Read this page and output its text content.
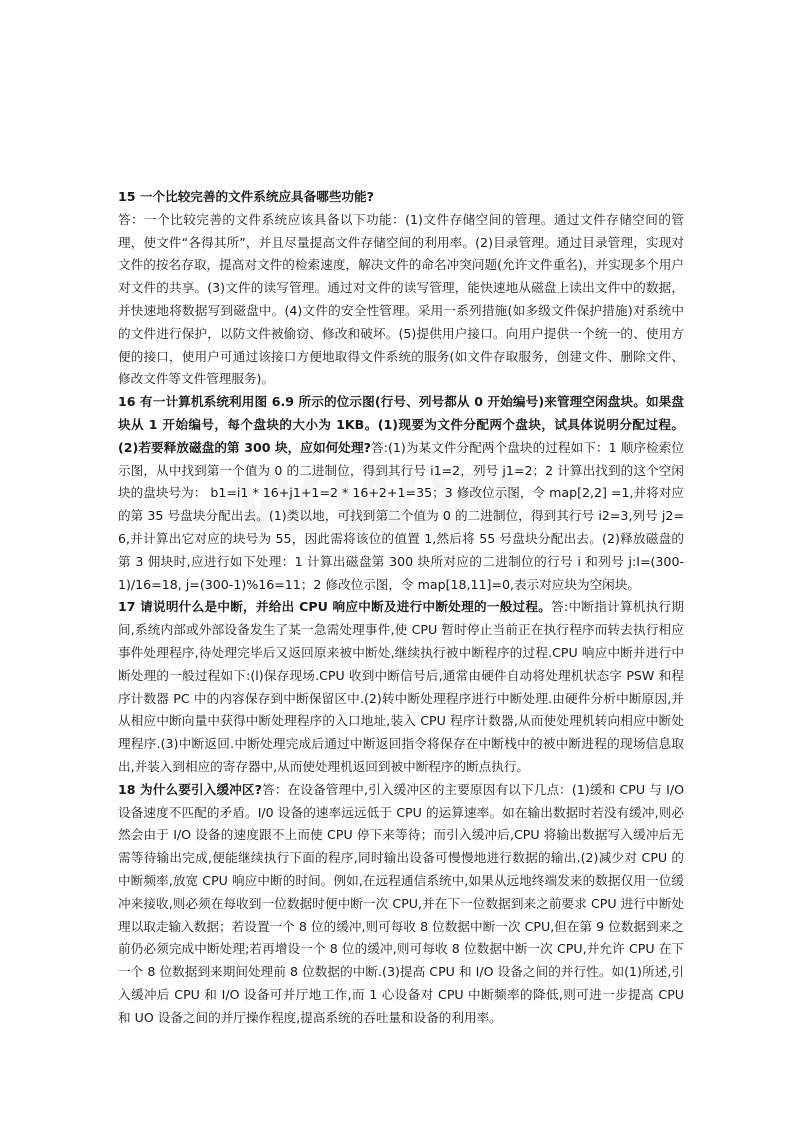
15 一个比较完善的文件系统应具备哪些功能?
答：一个比较完善的文件系统应该具备以下功能：(1)文件存储空间的管理。通过文件存储空间的管理，使文件“各得其所”，并且尽量提高文件存储空间的利用率。(2)目录管理。通过目录管理，实现对文件的按名存取，提高对文件的检索速度，解决文件的命名冲突问题(允许文件重名)，并实现多个用户对文件的共享。(3)文件的读写管理。通过对文件的读写管理，能快速地从磁盘上读出文件中的数据，并快速地将数据写到磁盘中。(4)文件的安全性管理。采用一系列措施(如多级文件保护措施)对系统中的文件进行保护，以防文件被偷窃、修改和破坏。(5)提供用户接口。向用户提供一个统一的、使用方便的接口，使用户可通过该接口方便地取得文件系统的服务(如文件存取服务，创建文件、删除文件、修改文件等文件管理服务)。

16 有一计算机系统利用图 6.9 所示的位示图(行号、列号都从 0 开始编号)来管理空闲盘块。如果盘块从 1 开始编号，每个盘块的大小为 1KB。(1)现要为文件分配两个盘块，试具体说明分配过程。(2)若要释放磁盘的第 300 块，应如何处理?答:(1)为某文件分配两个盘块的过程如下：1 顺序检索位示图，从中找到第一个值为 0 的二进制位，得到其行号 i1=2，列号 j1=2；2 计算出找到的这个空闲块的盘块号为： b1=i1 * 16+j1+1=2 * 16+2+1=35；3 修改位示图，令 map[2,2] =1,并将对应的第 35 号盘块分配出去。(1)类以地，可找到第二个值为 0 的二进制位，得到其行号 i2=3,列号 j2=6,并计算出它对应的块号为 55，因此需将该位的值置 1,然后将 55 号盘块分配出去。(2)释放磁盘的第 3 佣块时,应进行如下处理：1 计算出磁盘第 300 块所对应的二进制位的行号 i 和列号 j:I=(300-1)/16=18, j=(300-1)%16=11；2 修改位示图，令 map[18,11]=0,表示对应块为空闲块。

17 请说明什么是中断，并给出 CPU 响应中断及进行中断处理的一般过程。答:中断指计算机执行期间,系统内部或外部设备发生了某一急需处理事件,使 CPU 暂时停止当前正在执行程序而转去执行相应事件处理程序,待处理完毕后又返回原来被中断处,继续执行被中断程序的过程.CPU 响应中断并进行中断处理的一般过程如下:(l)保存现场.CPU 收到中断信号后,通常由硬件自动将处理机状态字 PSW 和程序计数器 PC 中的内容保存到中断保留区中.(2)转中断处理程序进行中断处理.由硬件分析中断原因,并从相应中断向量中获得中断处理程序的入口地址,装入 CPU 程序计数器,从而使处理机转向相应中断处理程序.(3)中断返回.中断处理完成后通过中断返回指令将保存在中断栈中的被中断进程的现场信息取出,并装入到相应的寄存器中,从而使处理机返回到被中断程序的断点执行。

18 为什么要引入缓冲区?答：在设备管理中,引入缓冲区的主要原因有以下几点：(1)缓和 CPU 与 I/O 设备速度不匹配的矛盾。I/0 设备的速率远远低于 CPU 的运算速率。如在输出数据时若没有缓冲,则必然会由于 I/O 设备的速度跟不上而使 CPU 停下来等待；而引入缓冲后,CPU 将输出数据写入缓冲后无需等待输出完成,便能继续执行下面的程序,同时输出设备可慢慢地进行数据的输出.(2)减少对 CPU 的中断频率,放宽 CPU 响应中断的时间。例如,在远程通信系统中,如果从远地终端发来的数据仅用一位缓冲来接收,则必须在每收到一位数据时便中断一次 CPU,并在下一位数据到来之前要求 CPU 进行中断处理以取走输入数据；若设置一个 8 位的缓冲,则可每收 8 位数据中断一次 CPU,但在第 9 位数据到来之前仍必须完成中断处理;若再增设一个 8 位的缓冲,则可每收 8 位数据中断一次 CPU,并允许 CPU 在下一个 8 位数据到来期间处理前 8 位数据的中断.(3)提高 CPU 和 I/O 设备之间的并行性。如(1)所述,引入缓冲后 CPU 和 I/O 设备可并厅地工作,而 1 心设备对 CPU 中断频率的降低,则可进一步提高 CPU 和 UO 设备之间的并厅操作程度,提高系统的吞吐量和设备的利用率。
